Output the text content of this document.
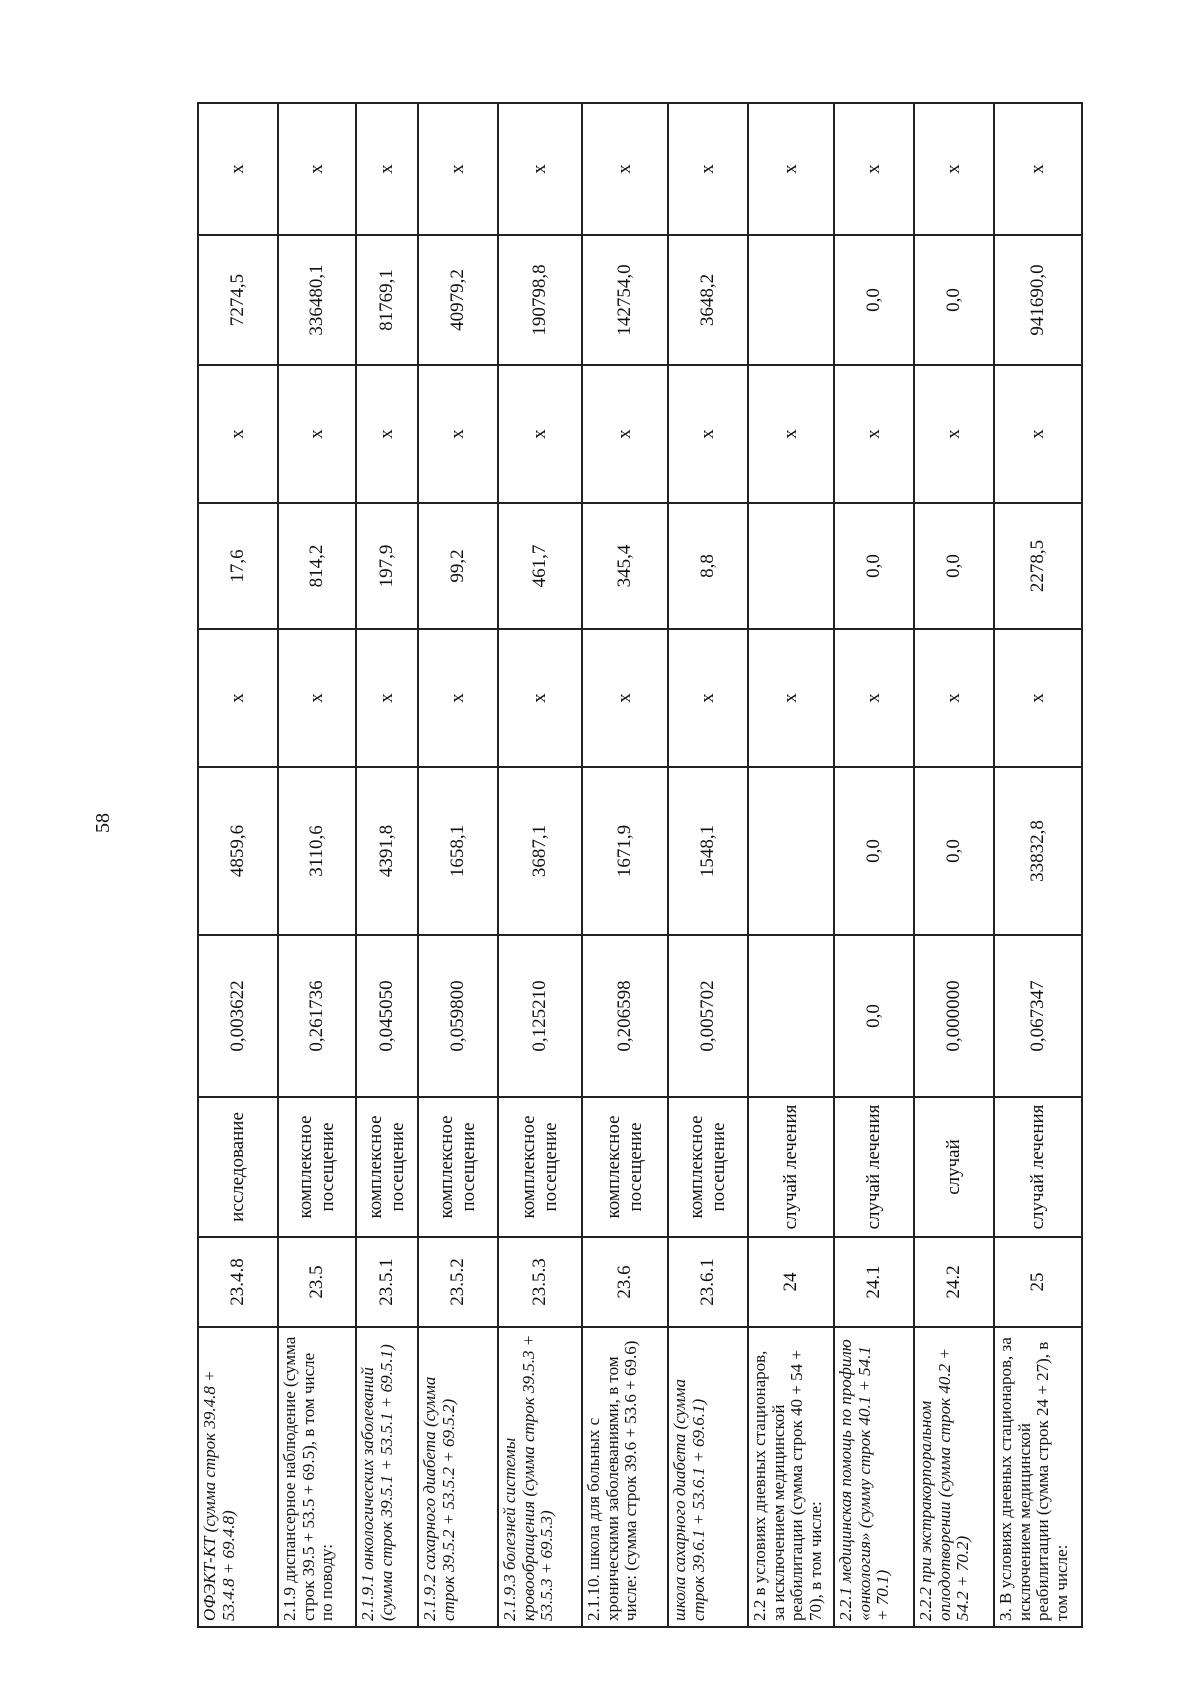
58
ОФЭКТ-КТ (сумма строк 39.4.8 + 53.4.8 + 69.4.8)	23.4.8	исследование	0,003622	4859,6	х	17,6	х	7274,5	х
2.1.9 диспансерное наблюдение (сумма строк 39.5 + 53.5 + 69.5), в том числе по поводу:	23.5	комплексное посещение	0,261736	3110,6	х	814,2	х	336480,1	х
2.1.9.1 онкологических заболеваний (сумма строк 39.5.1 + 53.5.1 + 69.5.1)	23.5.1	комплексное посещение	0,045050	4391,8	х	197,9	х	81769,1	х
2.1.9.2 сахарного диабета (сумма строк 39.5.2 + 53.5.2 + 69.5.2)	23.5.2	комплексное посещение	0,059800	1658,1	х	99,2	х	40979,2	х
2.1.9.3 болезней системы кровообращения (сумма строк 39.5.3 + 53.5.3 + 69.5.3)	23.5.3	комплексное посещение	0,125210	3687,1	х	461,7	х	190798,8	х
2.1.10. школа для больных с хроническими заболеваниями, в том числе: (сумма строк 39.6 + 53.6 + 69.6)	23.6	комплексное посещение	0,206598	1671,9	х	345,4	х	142754,0	х
школа сахарного диабета (сумма строк 39.6.1 + 53.6.1 + 69.6.1)	23.6.1	комплексное посещение	0,005702	1548,1	х	8,8	х	3648,2	х
2.2 в условиях дневных стационаров, за исключением медицинской реабилитации (сумма строк 40 + 54 + 70), в том числе:	24	случай лечения			х		х		х
2.2.1 медицинская помощь по профилю «онкология» (сумму строк 40.1 + 54.1 + 70.1)	24.1	случай лечения	0,0	0,0	х	0,0	х	0,0	х
2.2.2 при экстракорпоральном оплодотворении (сумма строк 40.2 + 54.2 + 70.2)	24.2	случай	0,000000	0,0	х	0,0	х	0,0	х
3. В условиях дневных стационаров, за исключением медицинской реабилитации (сумма строк 24 + 27), в том числе:	25	случай лечения	0,067347	33832,8	х	2278,5	х	941690,0	х
